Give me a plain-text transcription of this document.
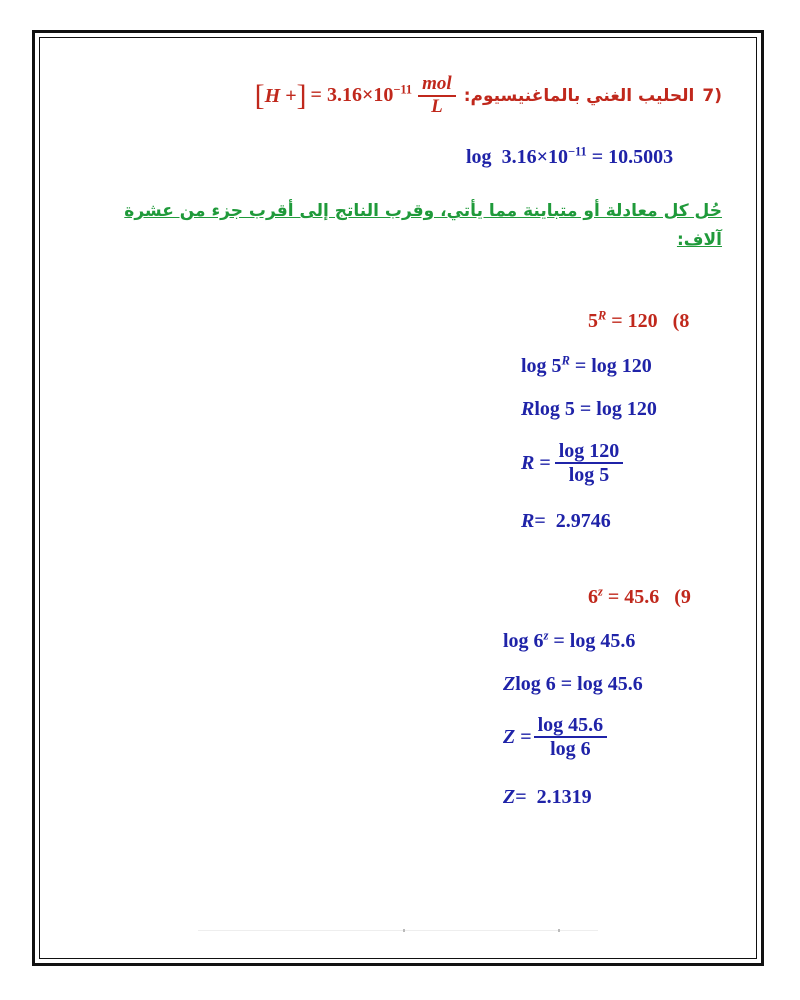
[H +] = $3.16\times 10^{-11} \frac{\text{mol}}{L}$ الحليب الغني بالماغنيسيوم: 7)
$\log 3.16\times 10^{-11} = 10.5003$
حُل كل معادلة أو متباينة مما يأتي، وقرب الناتج إلى أقرب جزء من عشرة
آلاف:
$5^R = 120$ 8)
$\log 5^R = \log 120$
Rlog 5 = log 120
R
= $\frac{\log 120}{\log 5}$
R=  2.9746
$6^z = 45.6$ 9)
$\log 6^z = \log 45.6$
Zlog 6 = log 45.6
Z
= $\frac{\log 45.6}{\log 6}$
Z=  2.1319
